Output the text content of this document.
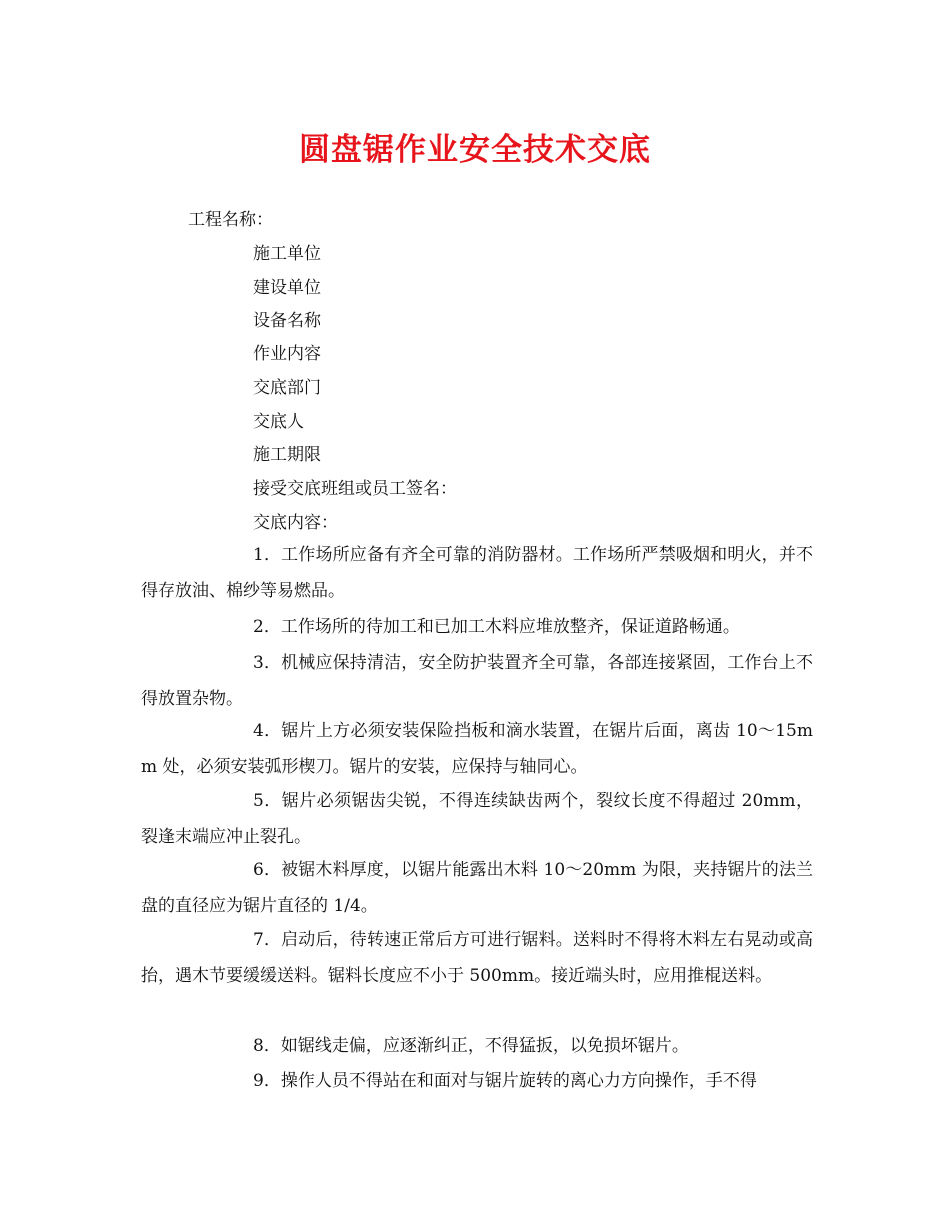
圆盘锯作业安全技术交底
工程名称：
施工单位
建设单位
设备名称
作业内容
交底部门
交底人
施工期限
接受交底班组或员工签名：
交底内容：
1．工作场所应备有齐全可靠的消防器材。工作场所严禁吸烟和明火，并不得存放油、棉纱等易燃品。
2．工作场所的待加工和已加工木料应堆放整齐，保证道路畅通。
3．机械应保持清洁，安全防护装置齐全可靠，各部连接紧固，工作台上不得放置杂物。
4．锯片上方必须安装保险挡板和滴水装置，在锯片后面，离齿 10～15mm 处，必须安装弧形楔刀。锯片的安装，应保持与轴同心。
5．锯片必须锯齿尖锐，不得连续缺齿两个，裂纹长度不得超过 20mm，裂逢末端应冲止裂孔。
6．被锯木料厚度，以锯片能露出木料 10～20mm 为限，夹持锯片的法兰盘的直径应为锯片直径的 1/4。
7．启动后，待转速正常后方可进行锯料。送料时不得将木料左右晃动或高抬，遇木节要缓缓送料。锯料长度应不小于 500mm。接近端头时，应用推棍送料。
8．如锯线走偏，应逐渐纠正，不得猛扳，以免损坏锯片。
9．操作人员不得站在和面对与锯片旋转的离心力方向操作，手不得
